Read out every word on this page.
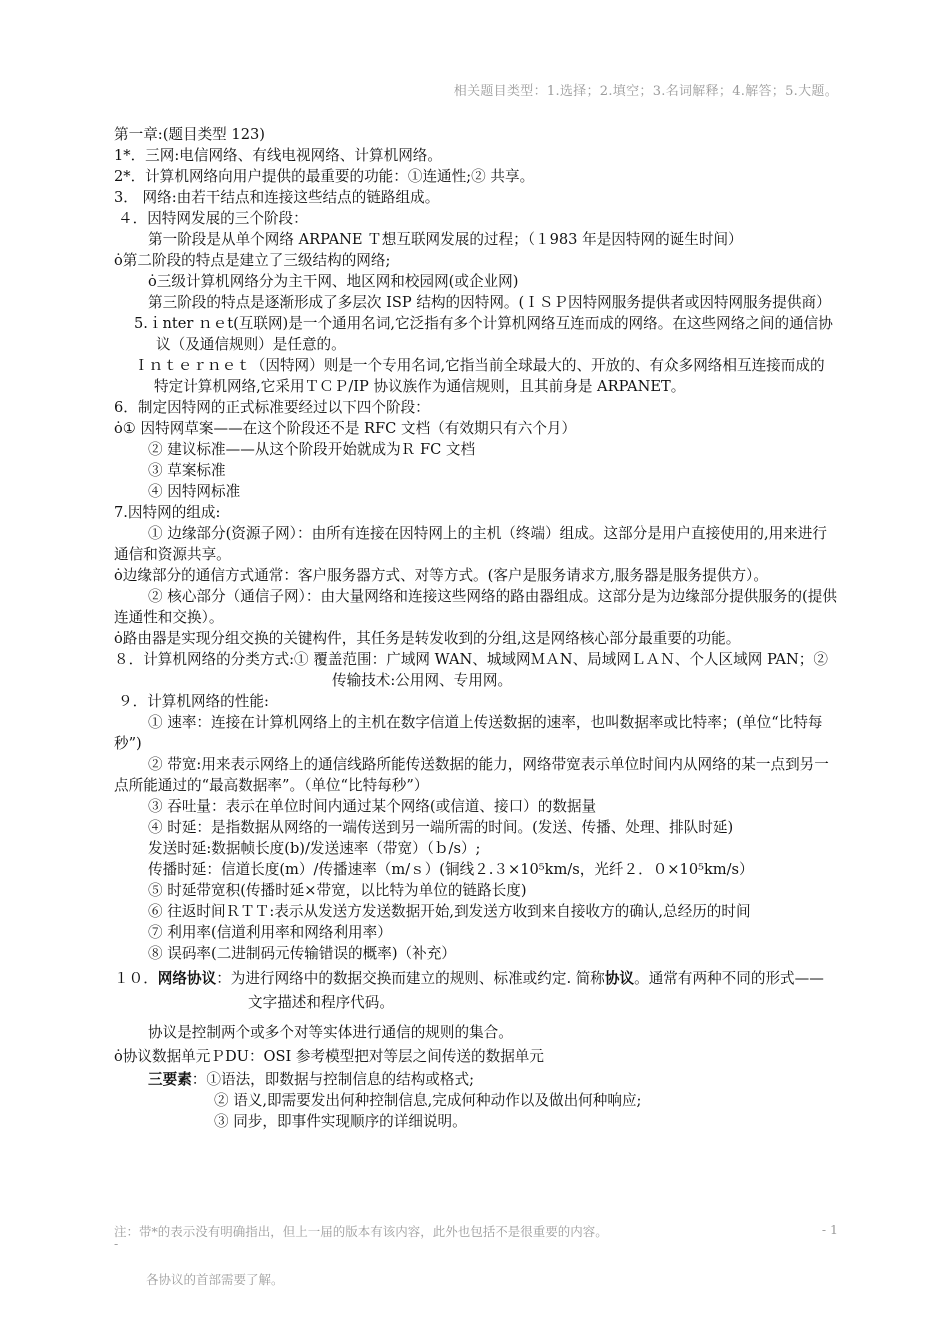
相关题目类型：1.选择；2.填空；3.名词解释；4.解答；5.大题。
第一章:(题目类型 123)
1*．三网:电信网络、有线电视网络、计算机网络。
2*．计算机网络向用户提供的最重要的功能：①连通性;② 共享。
3． 网络:由若干结点和连接这些结点的链路组成。
４．因特网发展的三个阶段：
第一阶段是从单个网络 ARPANE Ｔ想互联网发展的过程；（１983 年是因特网的诞生时间）
ȯ第二阶段的特点是建立了三级结构的网络;
ȯ三级计算机网络分为主干网、地区网和校园网(或企业网)
第三阶段的特点是逐渐形成了多层次 ISP 结构的因特网。(ＩＳＰ因特网服务提供者或因特网服务提供商）
5.ｉnter ｎｅt(互联网)是一个通用名词,它泛指有多个计算机网络互连而成的网络。在这些网络之间的通信协议（及通信规则）是任意的。
Ｉｎｔｅｒｎｅｔ（因特网）则是一个专用名词,它指当前全球最大的、开放的、有众多网络相互连接而成的特定计算机网络,它采用ＴＣＰ/IP 协议族作为通信规则，且其前身是 ARPANET。
6．制定因特网的正式标准要经过以下四个阶段：
ȯ① 因特网草案——在这个阶段还不是 RFC 文档（有效期只有六个月）
② 建议标准——从这个阶段开始就成为Ｒ FC 文档
③ 草案标准
④ 因特网标准
7.因特网的组成:
① 边缘部分(资源子网）：由所有连接在因特网上的主机（终端）组成。这部分是用户直接使用的,用来进行通信和资源共享。
ȯ边缘部分的通信方式通常：客户服务器方式、对等方式。(客户是服务请求方,服务器是服务提供方）。
② 核心部分（通信子网）：由大量网络和连接这些网络的路由器组成。这部分是为边缘部分提供服务的(提供连通性和交换）。
ȯ路由器是实现分组交换的关键构件，其任务是转发收到的分组,这是网络核心部分最重要的功能。
８．计算机网络的分类方式:① 覆盖范围：广域网 WAN、城域网ＭＡN、局域网ＬＡＮ、个人区域网 PAN；②传输技术:公用网、专用网。
９．计算机网络的性能:
① 速率：连接在计算机网络上的主机在数字信道上传送数据的速率，也叫数据率或比特率；(单位“比特每秒”)
② 带宽:用来表示网络上的通信线路所能传送数据的能力，网络带宽表示单位时间内从网络的某一点到另一点所能通过的“最高数据率”。（单位“比特每秒”）
③ 吞吐量：表示在单位时间内通过某个网络(或信道、接口）的数据量
④ 时延：是指数据从网络的一端传送到另一端所需的时间。(发送、传播、处理、排队时延)
发送时延:数据帧长度(b)/发送速率（带宽）（ｂ/s）;
传播时延：信道长度(m）/传播速率（m/ｓ）(铜线２.３×10⁵km/s，光纤２．０×10⁵km/s）
⑤ 时延带宽积(传播时延×带宽，以比特为单位的链路长度)
⑥ 往返时间ＲＴＴ:表示从发送方发送数据开始,到发送方收到来自接收方的确认,总经历的时间
⑦ 利用率(信道利用率和网络利用率）
⑧ 误码率(二进制码元传输错误的概率)（补充）
１０．网络协议：为进行网络中的数据交换而建立的规则、标准或约定. 简称协议。通常有两种不同的形式——文字描述和程序代码。
协议是控制两个或多个对等实体进行通信的规则的集合。
ȯ协议数据单元ＰDU：OSI 参考模型把对等层之间传送的数据单元
三要素：①语法，即数据与控制信息的结构或格式;
② 语义,即需要发出何种控制信息,完成何种动作以及做出何种响应;
③ 同步，即事件实现顺序的详细说明。
注：带*的表示没有明确指出，但上一届的版本有该内容，此外也包括不是很重要的内容。	- 1
-
各协议的首部需要了解。
